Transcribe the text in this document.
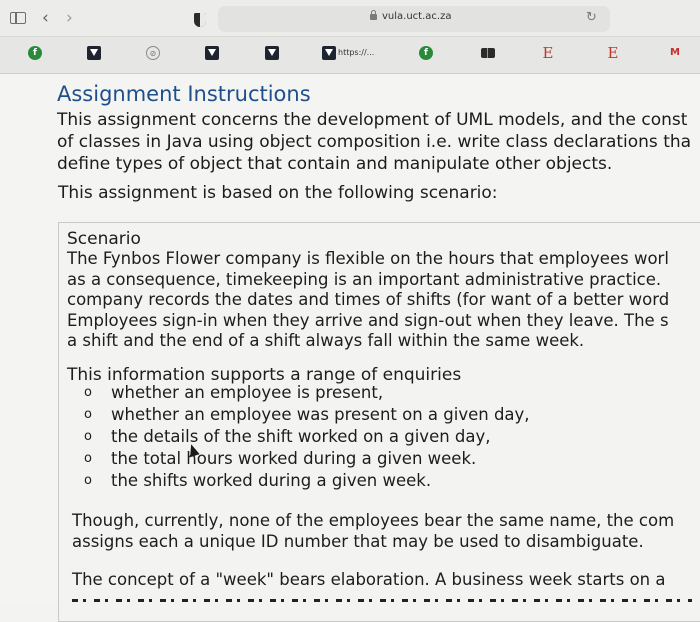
‹ ›	vula.uct.ac.za	↻
f	⊘	https://...	f	E	E	M
Assignment Instructions
This assignment concerns the development of UML models, and the const
of classes in Java using object composition i.e. write class declarations tha
define types of object that contain and manipulate other objects.
This assignment is based on the following scenario:
Scenario
The Fynbos Flower company is flexible on the hours that employees worl
as a consequence, timekeeping is an important administrative practice.
company records the dates and times of shifts (for want of a better word
Employees sign-in when they arrive and sign-out when they leave. The s
a shift and the end of a shift always fall within the same week.
This information supports a range of enquiries
o whether an employee is present,
o whether an employee was present on a given day,
o the details of the shift worked on a given day,
o the total hours worked during a given week.
o the shifts worked during a given week.
Though, currently, none of the employees bear the same name, the com
assigns each a unique ID number that may be used to disambiguate.
The concept of a "week" bears elaboration. A business week starts on a
